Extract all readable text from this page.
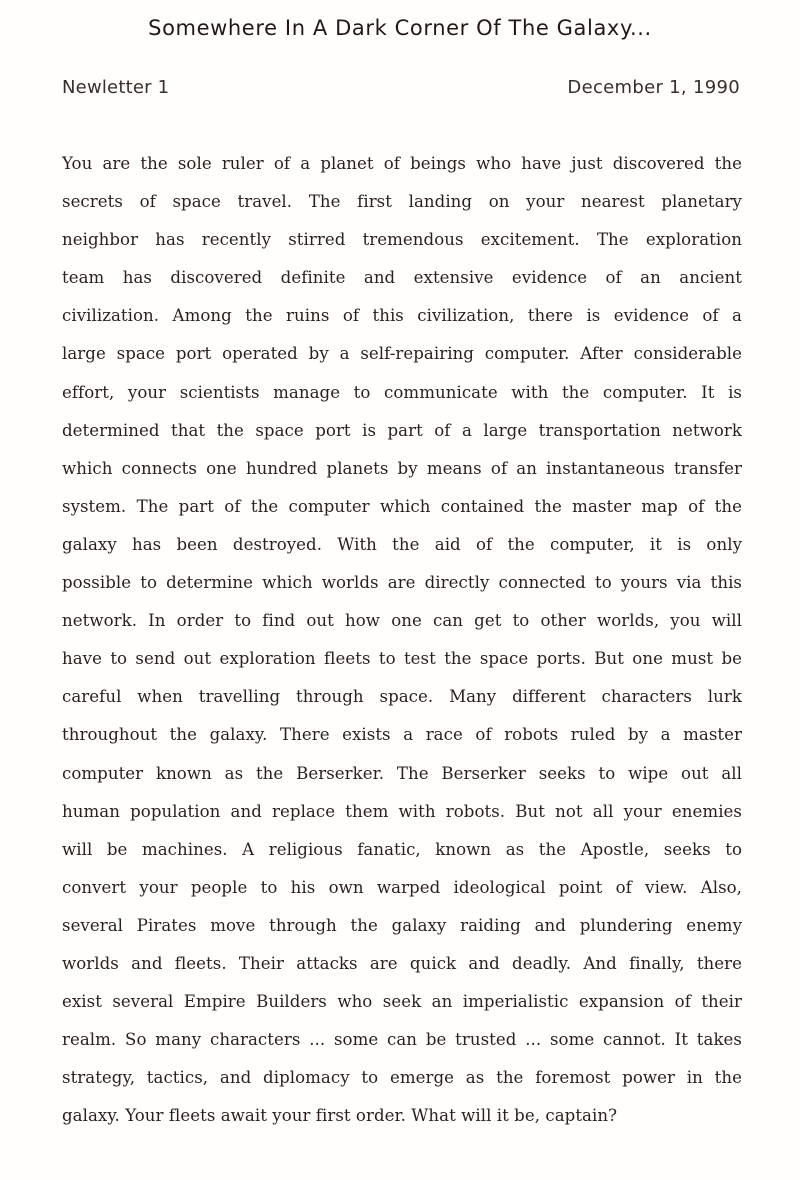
Somewhere In A Dark Corner Of The Galaxy...
Newletter 1	December 1, 1990
You are the sole ruler of a planet of beings who have just discovered the
secrets of space travel. The first landing on your nearest planetary
neighbor has recently stirred tremendous excitement. The exploration
team has discovered definite and extensive evidence of an ancient
civilization. Among the ruins of this civilization, there is evidence of a
large space port operated by a self-repairing computer. After considerable
effort, your scientists manage to communicate with the computer. It is
determined that the space port is part of a large transportation network
which connects one hundred planets by means of an instantaneous transfer
system. The part of the computer which contained the master map of the
galaxy has been destroyed. With the aid of the computer, it is only
possible to determine which worlds are directly connected to yours via this
network. In order to find out how one can get to other worlds, you will
have to send out exploration fleets to test the space ports. But one must be
careful when travelling through space. Many different characters lurk
throughout the galaxy. There exists a race of robots ruled by a master
computer known as the Berserker. The Berserker seeks to wipe out all
human population and replace them with robots. But not all your enemies
will be machines. A religious fanatic, known as the Apostle, seeks to
convert your people to his own warped ideological point of view. Also,
several Pirates move through the galaxy raiding and plundering enemy
worlds and fleets. Their attacks are quick and deadly. And finally, there
exist several Empire Builders who seek an imperialistic expansion of their
realm. So many characters ... some can be trusted ... some cannot. It takes
strategy, tactics, and diplomacy to emerge as the foremost power in the
galaxy. Your fleets await your first order. What will it be, captain?
